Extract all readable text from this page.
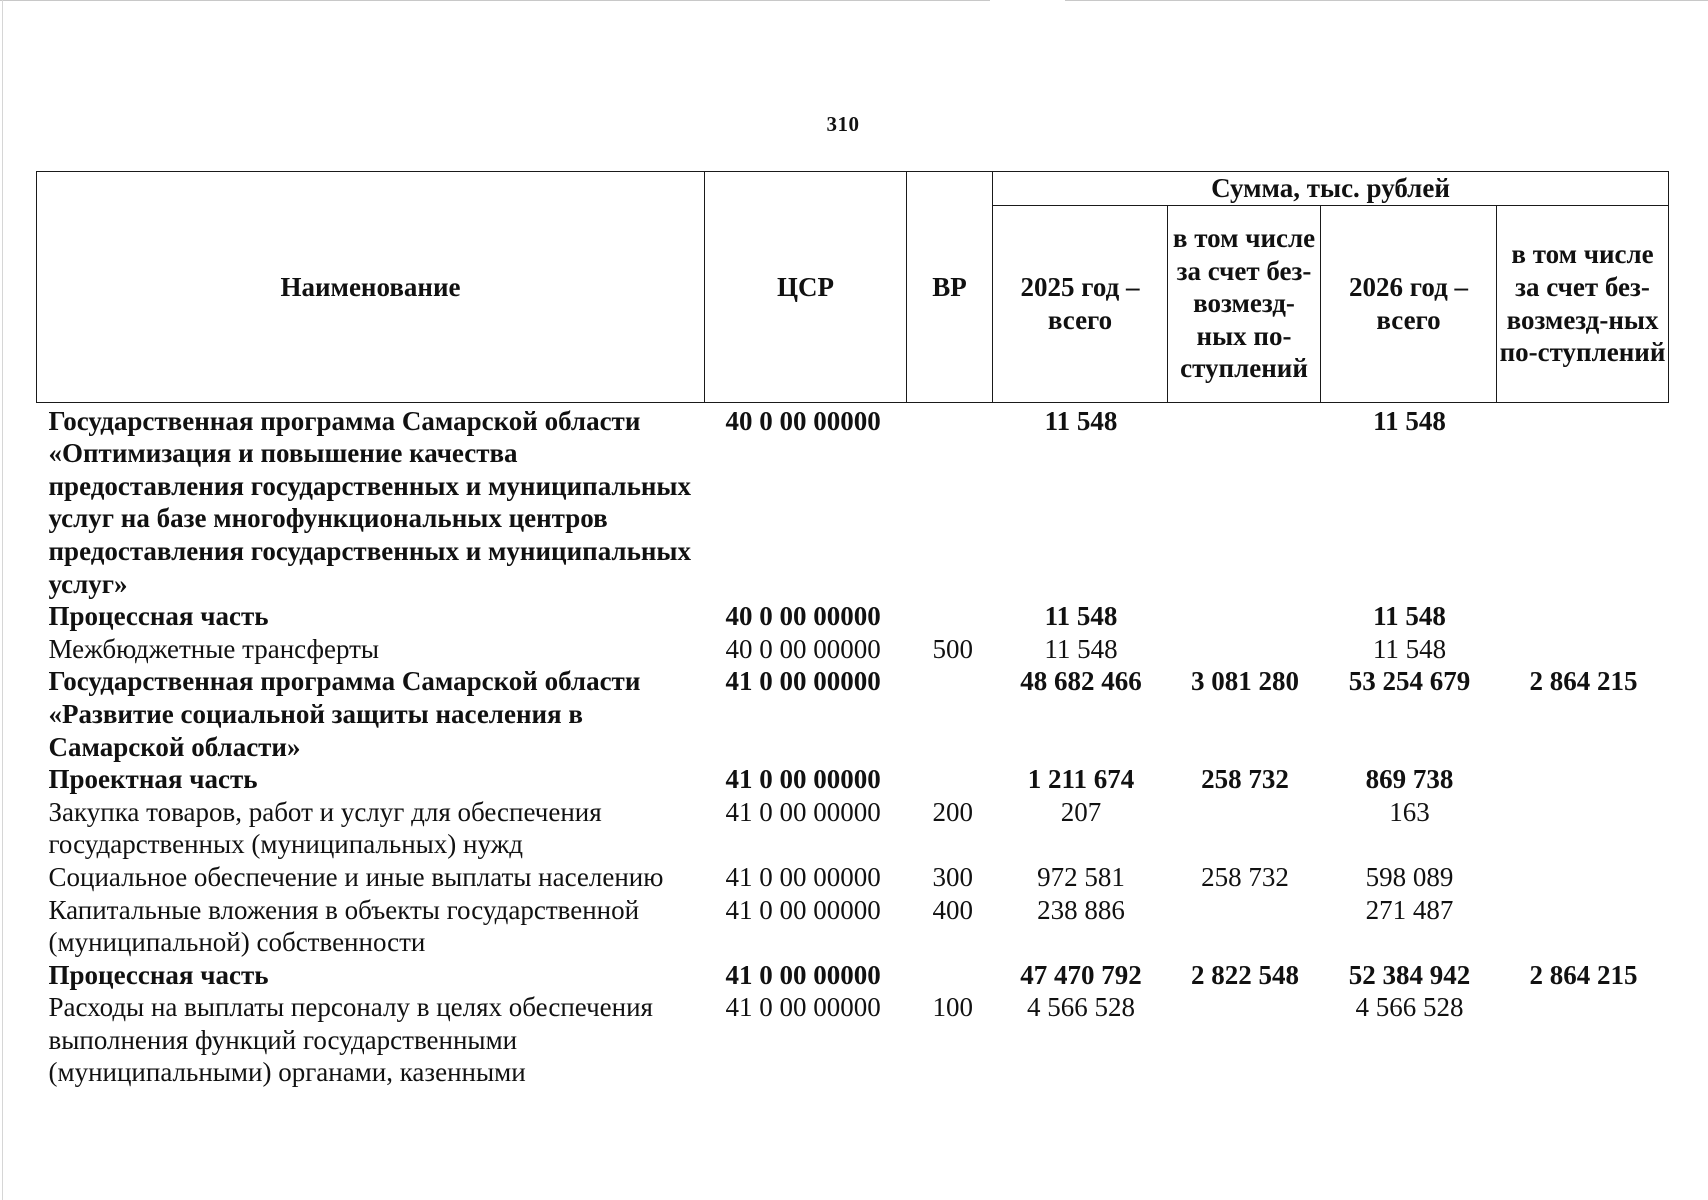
310
Наименование	ЦСР	ВР	Сумма, тыс. рублей			
			2025 год – всего	в том числе за счет без-возмезд-ных по-ступлений	2026 год – всего	в том числе за счет без-возмезд-ных по-ступлений
Государственная программа Самарской области «Оптимизация и повышение качества предоставления государственных и муниципальных услуг на базе многофункциональных центров предоставления государственных и муниципальных услуг»	40 0 00 00000		11 548		11 548	
Процессная часть	40 0 00 00000		11 548		11 548	
Межбюджетные трансферты	40 0 00 00000	500	11 548		11 548	
Государственная программа Самарской области «Развитие социальной защиты населения в Самарской области»	41 0 00 00000		48 682 466	3 081 280	53 254 679	2 864 215
Проектная часть	41 0 00 00000		1 211 674	258 732	869 738	
Закупка товаров, работ и услуг для обеспечения государственных (муниципальных) нужд	41 0 00 00000	200	207		163	
Социальное обеспечение и иные выплаты населению	41 0 00 00000	300	972 581	258 732	598 089	
Капитальные вложения в объекты государственной (муниципальной) собственности	41 0 00 00000	400	238 886		271 487	
Процессная часть	41 0 00 00000		47 470 792	2 822 548	52 384 942	2 864 215
Расходы на выплаты персоналу в целях обеспечения выполнения функций государственными (муниципальными) органами, казенными	41 0 00 00000	100	4 566 528		4 566 528	
